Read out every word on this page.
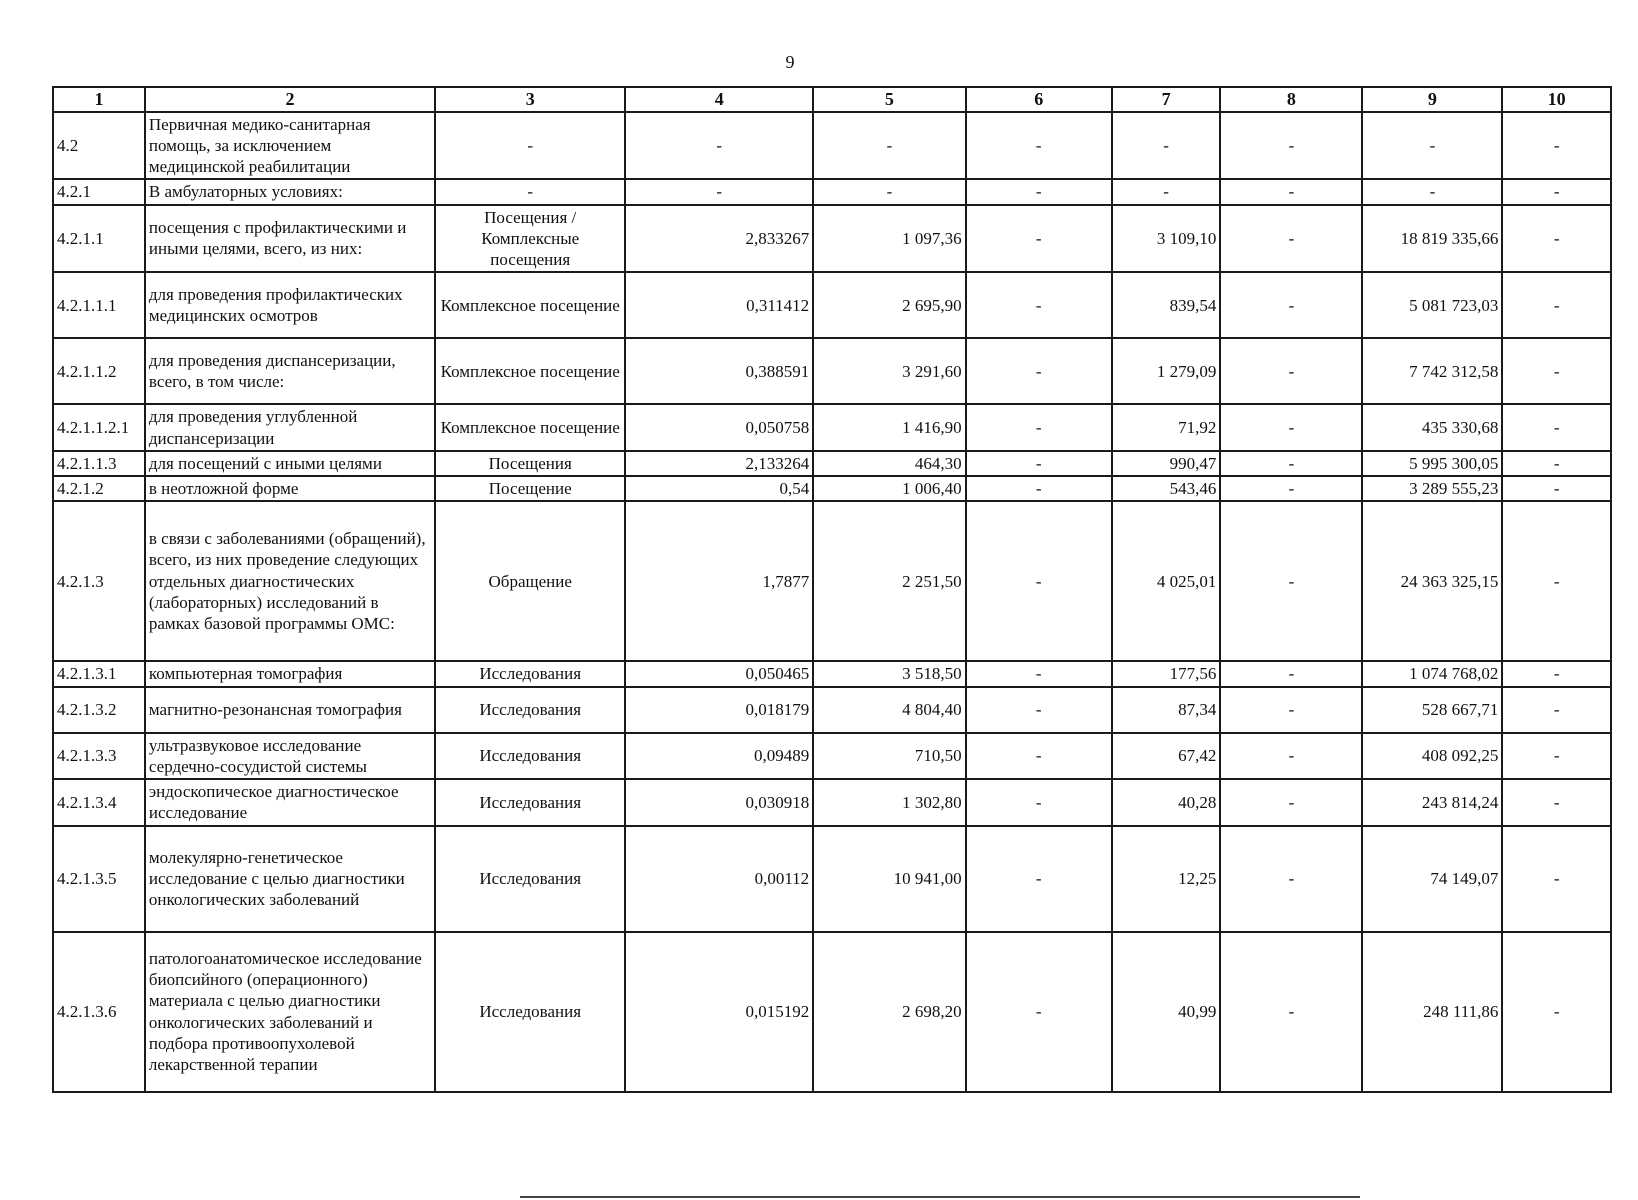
9
1	2	3	4	5	6	7	8	9	10
4.2	Первичная медико-санитарная помощь, за исключением медицинской реабилитации	-	-	-	-	-	-	-	-
4.2.1	В амбулаторных условиях:	-	-	-	-	-	-	-	-
4.2.1.1	посещения с профилактическими и иными целями, всего, из них:	Посещения / Комплексные посещения	2,833267	1 097,36	-	3 109,10	-	18 819 335,66	-
4.2.1.1.1	для проведения профилактических медицинских осмотров	Комплексное посещение	0,311412	2 695,90	-	839,54	-	5 081 723,03	-
4.2.1.1.2	для проведения диспансеризации, всего, в том числе:	Комплексное посещение	0,388591	3 291,60	-	1 279,09	-	7 742 312,58	-
4.2.1.1.2.1	для проведения углубленной диспансеризации	Комплексное посещение	0,050758	1 416,90	-	71,92	-	435 330,68	-
4.2.1.1.3	для посещений с иными целями	Посещения	2,133264	464,30	-	990,47	-	5 995 300,05	-
4.2.1.2	в неотложной форме	Посещение	0,54	1 006,40	-	543,46	-	3 289 555,23	-
4.2.1.3	в связи с заболеваниями (обращений), всего, из них проведение следующих отдельных диагностических (лабораторных) исследований в рамках базовой программы ОМС:	Обращение	1,7877	2 251,50	-	4 025,01	-	24 363 325,15	-
4.2.1.3.1	компьютерная томография	Исследования	0,050465	3 518,50	-	177,56	-	1 074 768,02	-
4.2.1.3.2	магнитно-резонансная томография	Исследования	0,018179	4 804,40	-	87,34	-	528 667,71	-
4.2.1.3.3	ультразвуковое исследование сердечно-сосудистой системы	Исследования	0,09489	710,50	-	67,42	-	408 092,25	-
4.2.1.3.4	эндоскопическое диагностическое исследование	Исследования	0,030918	1 302,80	-	40,28	-	243 814,24	-
4.2.1.3.5	молекулярно-генетическое исследование с целью диагностики онкологических заболеваний	Исследования	0,00112	10 941,00	-	12,25	-	74 149,07	-
4.2.1.3.6	патологоанатомическое исследование биопсийного (операционного) материала с целью диагностики онкологических заболеваний и подбора противоопухолевой лекарственной терапии	Исследования	0,015192	2 698,20	-	40,99	-	248 111,86	-
